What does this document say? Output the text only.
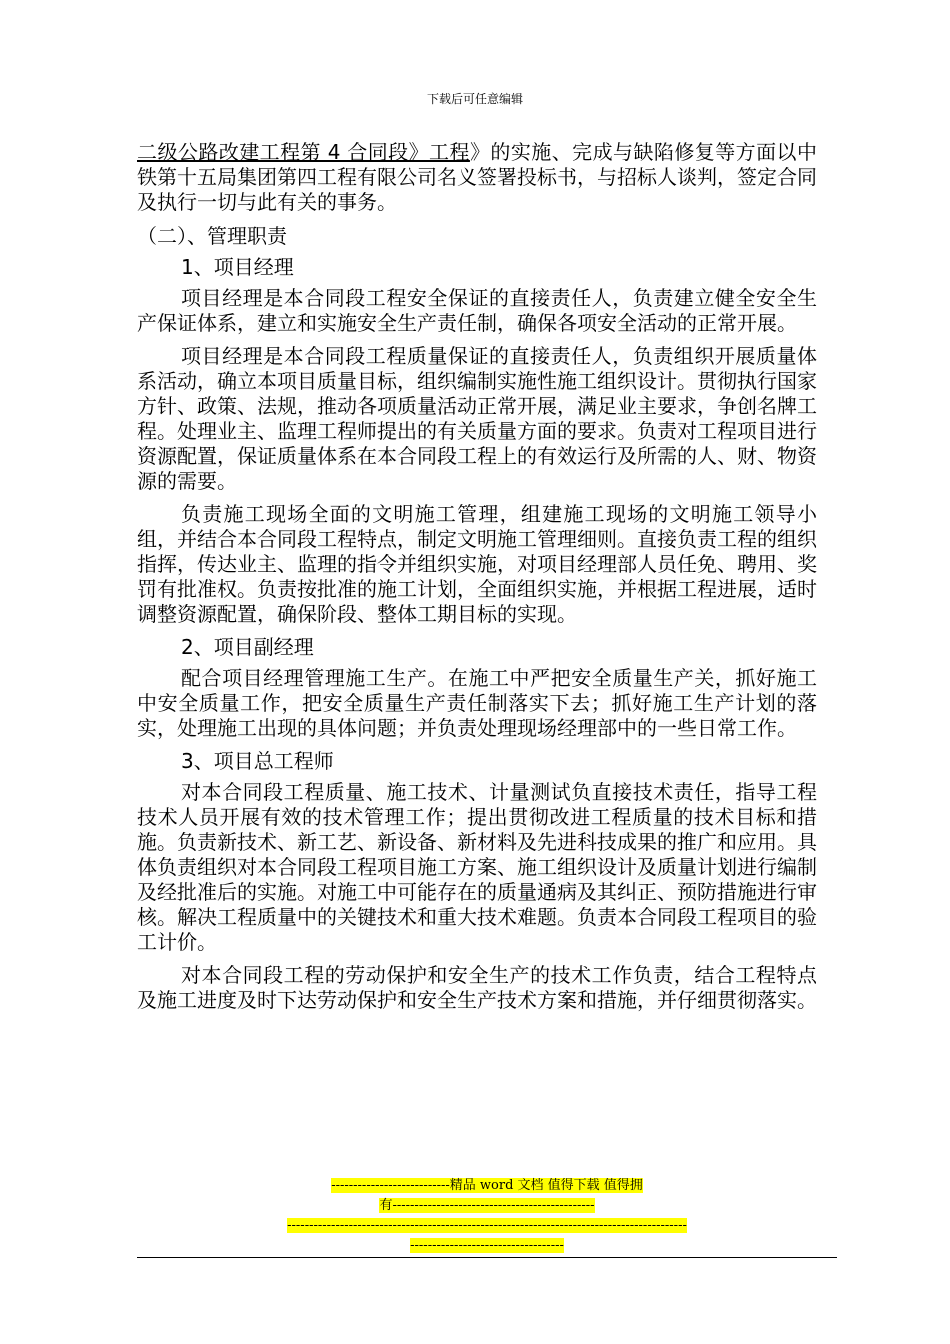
下载后可任意编辑

二级公路改建工程第 4 合同段》工程》的实施、完成与缺陷修复等方面以中铁第十五局集团第四工程有限公司名义签署投标书，与招标人谈判，签定合同及执行一切与此有关的事务。

（二）、管理职责

1、项目经理

项目经理是本合同段工程安全保证的直接责任人，负责建立健全安全生产保证体系，建立和实施安全生产责任制，确保各项安全活动的正常开展。

项目经理是本合同段工程质量保证的直接责任人，负责组织开展质量体系活动，确立本项目质量目标，组织编制实施性施工组织设计。贯彻执行国家方针、政策、法规，推动各项质量活动正常开展，满足业主要求，争创名牌工程。处理业主、监理工程师提出的有关质量方面的要求。负责对工程项目进行资源配置，保证质量体系在本合同段工程上的有效运行及所需的人、财、物资源的需要。

负责施工现场全面的文明施工管理，组建施工现场的文明施工领导小组，并结合本合同段工程特点，制定文明施工管理细则。直接负责工程的组织指挥，传达业主、监理的指令并组织实施，对项目经理部人员任免、聘用、奖罚有批准权。负责按批准的施工计划，全面组织实施，并根据工程进展，适时调整资源配置，确保阶段、整体工期目标的实现。

2、项目副经理

配合项目经理管理施工生产。在施工中严把安全质量生产关，抓好施工中安全质量工作，把安全质量生产责任制落实下去；抓好施工生产计划的落实，处理施工出现的具体问题；并负责处理现场经理部中的一些日常工作。

3、项目总工程师

对本合同段工程质量、施工技术、计量测试负直接技术责任，指导工程技术人员开展有效的技术管理工作；提出贯彻改进工程质量的技术目标和措施。负责新技术、新工艺、新设备、新材料及先进科技成果的推广和应用。具体负责组织对本合同段工程项目施工方案、施工组织设计及质量计划进行编制及经批准后的实施。对施工中可能存在的质量通病及其纠正、预防措施进行审核。解决工程质量中的关键技术和重大技术难题。负责本合同段工程项目的验工计价。

对本合同段工程的劳动保护和安全生产的技术工作负责，结合工程特点及施工进度及时下达劳动保护和安全生产技术方案和措施，并仔细贯彻落实。

---------------------------精品 word 文档 值得下载 值得拥
有----------------------------------------------
-------------------------------------------------------------------------------------------
-----------------------------------
